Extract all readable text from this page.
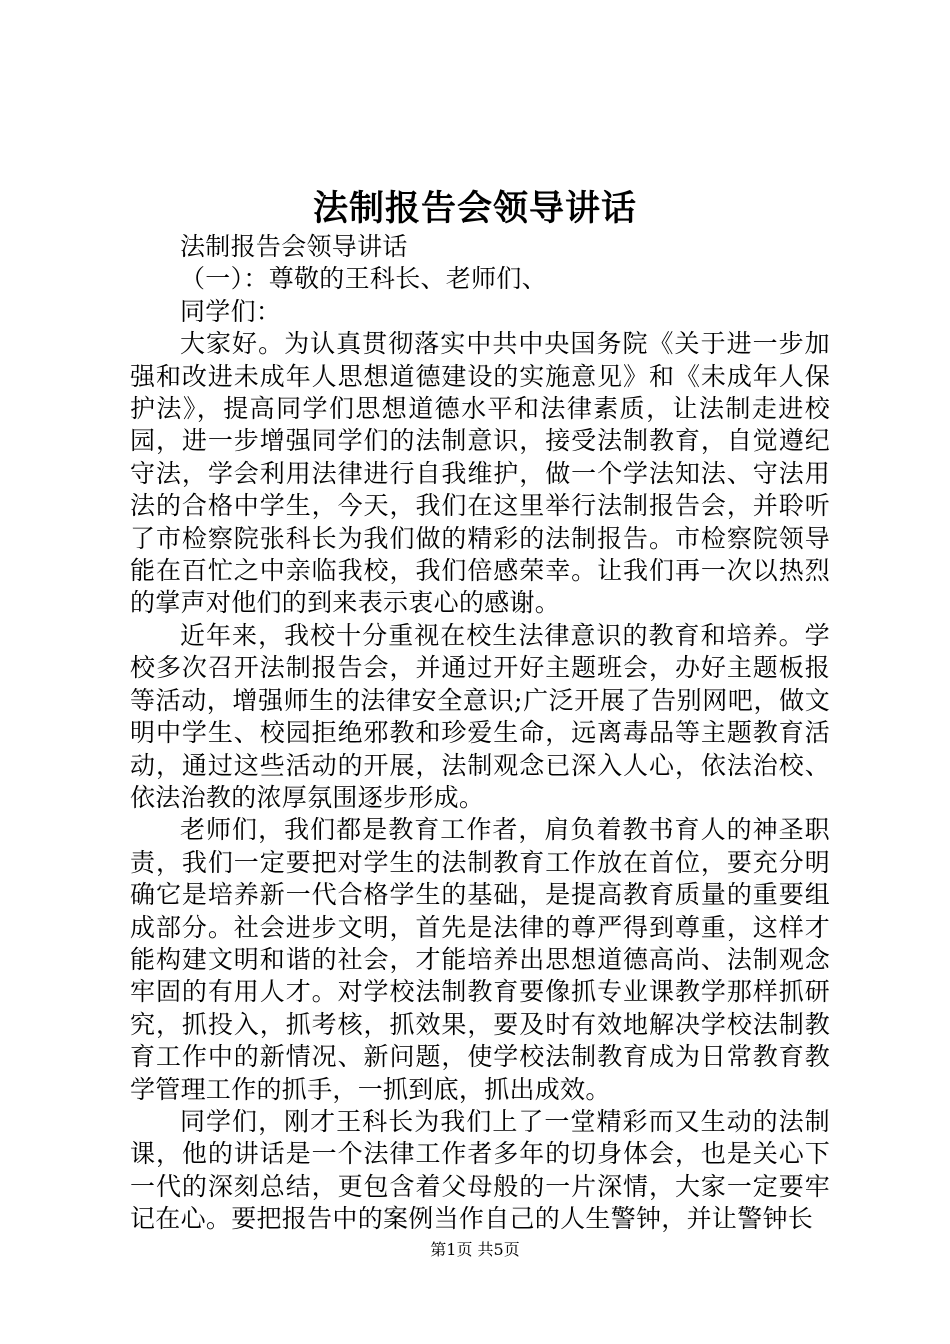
法制报告会领导讲话

法制报告会领导讲话

（一）：尊敬的王科长、老师们、

同学们：

大家好。为认真贯彻落实中共中央国务院《关于进一步加强和改进未成年人思想道德建设的实施意见》和《未成年人保护法》，提高同学们思想道德水平和法律素质，让法制走进校园，进一步增强同学们的法制意识，接受法制教育，自觉遵纪守法，学会利用法律进行自我维护，做一个学法知法、守法用法的合格中学生，今天，我们在这里举行法制报告会，并聆听了市检察院张科长为我们做的精彩的法制报告。市检察院领导能在百忙之中亲临我校，我们倍感荣幸。让我们再一次以热烈的掌声对他们的到来表示衷心的感谢。

近年来，我校十分重视在校生法律意识的教育和培养。学校多次召开法制报告会，并通过开好主题班会，办好主题板报等活动，增强师生的法律安全意识;广泛开展了告别网吧，做文明中学生、校园拒绝邪教和珍爱生命，远离毒品等主题教育活动，通过这些活动的开展，法制观念已深入人心，依法治校、依法治教的浓厚氛围逐步形成。

老师们，我们都是教育工作者，肩负着教书育人的神圣职责，我们一定要把对学生的法制教育工作放在首位，要充分明确它是培养新一代合格学生的基础，是提高教育质量的重要组成部分。社会进步文明，首先是法律的尊严得到尊重，这样才能构建文明和谐的社会，才能培养出思想道德高尚、法制观念牢固的有用人才。对学校法制教育要像抓专业课教学那样抓研究，抓投入，抓考核，抓效果，要及时有效地解决学校法制教育工作中的新情况、新问题，使学校法制教育成为日常教育教学管理工作的抓手，一抓到底，抓出成效。

同学们，刚才王科长为我们上了一堂精彩而又生动的法制课，他的讲话是一个法律工作者多年的切身体会，也是关心下一代的深刻总结，更包含着父母般的一片深情，大家一定要牢记在心。要把报告中的案例当作自己的人生警钟，并让警钟长

第1页 共5页
